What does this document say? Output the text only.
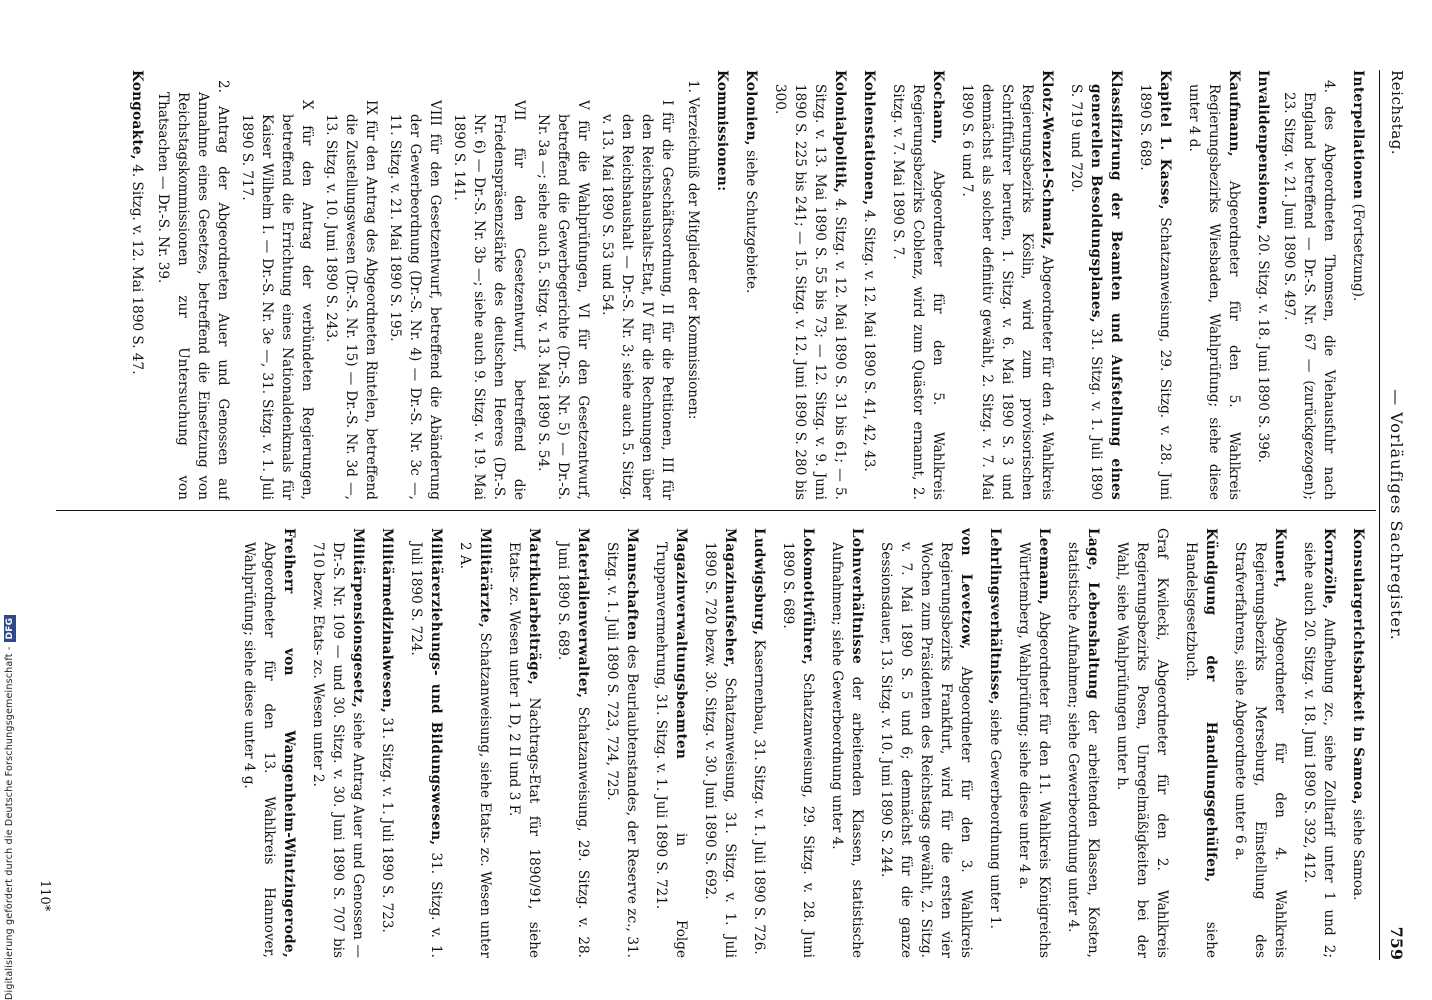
Reichstag.
— Vorläufiges Sachregister.
759

Interpellationen (Fortsetzung).

4. des Abgeordneten Thomsen, die Viehausfuhr nach England betreffend — Dr.-S. Nr. 67 — (zurückgezogen); 23. Sitzg. v. 21. Juni 1890 S. 497.

Invalidenpensionen, 20. Sitzg. v. 18. Juni 1890 S. 396.

Kaufmann, Abgeordneter für den 5. Wahlkreis Regierungsbezirks Wiesbaden, Wahlprüfung; siehe diese unter 4 d.

Kapitel 1. Kasse, Schatzanweisung, 29. Sitzg. v. 28. Juni 1890 S. 689.

Klassifizirung der Beamten und Aufstellung eines generellen Besoldungsplanes, 31. Sitzg. v. 1. Juli 1890 S. 719 und 720.

Klotz-Wenzel-Schmalz, Abgeordneter für den 4. Wahlkreis Regierungsbezirks Köslin, wird zum provisorischen Schriftführer berufen, 1. Sitzg. v. 6. Mai 1890 S. 3 und demnächst als solcher definitiv gewählt, 2. Sitzg. v. 7. Mai 1890 S. 6 und 7.

Kochann, Abgeordneter für den 5. Wahlkreis Regierungsbezirks Coblenz, wird zum Quästor ernannt, 2. Sitzg. v. 7. Mai 1890 S. 7.

Kohlenstationen, 4. Sitzg. v. 12. Mai 1890 S. 41, 42, 43.

Kolonialpolitik, 4. Sitzg. v. 12. Mai 1890 S. 31 bis 61; — 5. Sitzg. v. 13. Mai 1890 S. 55 bis 73; — 12. Sitzg. v. 9. Juni 1890 S. 225 bis 241; — 15. Sitzg. v. 12. Juni 1890 S. 280 bis 300.

Kolonien, siehe Schutzgebiete.

Kommissionen:

1. Verzeichniß der Mitglieder der Kommissionen:

I für die Geschäftsordnung, II für die Petitionen, III für den Reichshaushalts-Etat, IV für die Rechnungen über den Reichshaushalt — Dr.-S. Nr. 3; siehe auch 5. Sitzg. v. 13. Mai 1890 S. 53 und 54.

V für die Wahlprüfungen, VI für den Gesetzentwurf, betreffend die Gewerbegerichte (Dr.-S. Nr. 5) — Dr.-S. Nr. 3a —; siehe auch 5. Sitzg. v. 13. Mai 1890 S. 54.

VII für den Gesetzentwurf, betreffend die Friedenspräsenzstärke des deutschen Heeres (Dr.-S. Nr. 6) — Dr.-S. Nr. 3b —; siehe auch 9. Sitzg. v. 19. Mai 1890 S. 141.

VIII für den Gesetzentwurf, betreffend die Abänderung der Gewerbeordnung (Dr.-S. Nr. 4) — Dr.-S. Nr. 3c —, 11. Sitzg. v. 21. Mai 1890 S. 195.

IX für den Antrag des Abgeordneten Rintelen, betreffend die Zustellungswesen (Dr.-S. Nr. 15) — Dr.-S. Nr. 3d —, 13. Sitzg. v. 10. Juni 1890 S. 243.

X für den Antrag der verbündeten Regierungen, betreffend die Errichtung eines Nationaldenkmals für Kaiser Wilhelm I. — Dr.-S. Nr. 3e —, 31. Sitzg. v. 1. Juli 1890 S. 717.

2. Antrag der Abgeordneten Auer und Genossen auf Annahme eines Gesetzes, betreffend die Einsetzung von Reichstagskommissionen zur Untersuchung von Thatsachen — Dr.-S. Nr. 39.

Kongoakte, 4. Sitzg. v. 12. Mai 1890 S. 47.

Konsulargerichtsbarkeit in Samoa, siehe Samoa.

Kornzölle, Aufhebung zc., siehe Zolltarif unter 1 und 2; siehe auch 20. Sitzg. v. 18. Juni 1890 S. 392, 412.

Kunert, Abgeordneter für den 4. Wahlkreis Regierungsbezirks Merseburg, Einstellung des Strafverfahrens, siehe Abgeordnete unter 6 a.

Kündigung der Handlungsgehülfen, siehe Handelsgesetzbuch.

Graf Kwilecki, Abgeordneter für den 2. Wahlkreis Regierungsbezirks Posen, Unregelmäßigkeiten bei der Wahl, siehe Wahlprüfungen unter h.

Lage, Lebenshaltung der arbeitenden Klassen, Kosten, statistische Aufnahmen; siehe Gewerbeordnung unter 4.

Leemann, Abgeordneter für den 11. Wahlkreis Königreichs Württemberg, Wahlprüfung; siehe diese unter 4 a.

Lehrlingsverhältnisse, siehe Gewerbeordnung unter 1.

von Levetzow, Abgeordneter für den 3. Wahlkreis Regierungsbezirks Frankfurt, wird für die ersten vier Wochen zum Präsidenten des Reichstags gewählt, 2. Sitzg. v. 7. Mai 1890 S. 5 und 6; demnächst für die ganze Sessionsdauer, 13. Sitzg. v. 10. Juni 1890 S. 244.

Lohnverhältnisse der arbeitenden Klassen, statistische Aufnahmen; siehe Gewerbeordnung unter 4.

Lokomotivführer, Schatzanweisung, 29. Sitzg. v. 28. Juni 1890 S. 689.

Ludwigsburg, Kasernenbau, 31. Sitzg. v. 1. Juli 1890 S. 726.

Magazinaufseher, Schatzanweisung, 31. Sitzg. v. 1. Juli 1890 S. 720 bezw. 30. Sitzg. v. 30. Juni 1890 S. 692.

Magazinverwaltungsbeamten in Folge Truppenvermehrung, 31. Sitzg. v. 1. Juli 1890 S. 721.

Mannschaften des Beurlaubtenstandes, der Reserve zc., 31. Sitzg. v. 1. Juli 1890 S. 723, 724, 725.

Materialienverwalter, Schatzanweisung, 29. Sitzg. v. 28. Juni 1890 S. 689.

Matrikularbeiträge, Nachtrags-Etat für 1890/91, siehe Etats- zc. Wesen unter 1 D, 2 II und 3 F.

Militärärzte, Schatzanweisung, siehe Etats- zc. Wesen unter 2 A.

Militärerziehungs- und Bildungswesen, 31. Sitzg. v. 1. Juli 1890 S. 724.

Militärmedizinalwesen, 31. Sitzg. v. 1. Juli 1890 S. 723.

Militärpensionsgesetz, siehe Antrag Auer und Genossen — Dr.-S. Nr. 109 — und 30. Sitzg. v. 30. Juni 1890 S. 707 bis 710 bezw. Etats- zc. Wesen unter 2.

Freiherr von Wangenheim-Wintzingerode, Abgeordneter für den 13. Wahlkreis Hannover, Wahlprüfung; siehe diese unter 4 g.

110*
Digitalisierung gefördert durch die Deutsche Forschungsgemeinschaft -DFG
